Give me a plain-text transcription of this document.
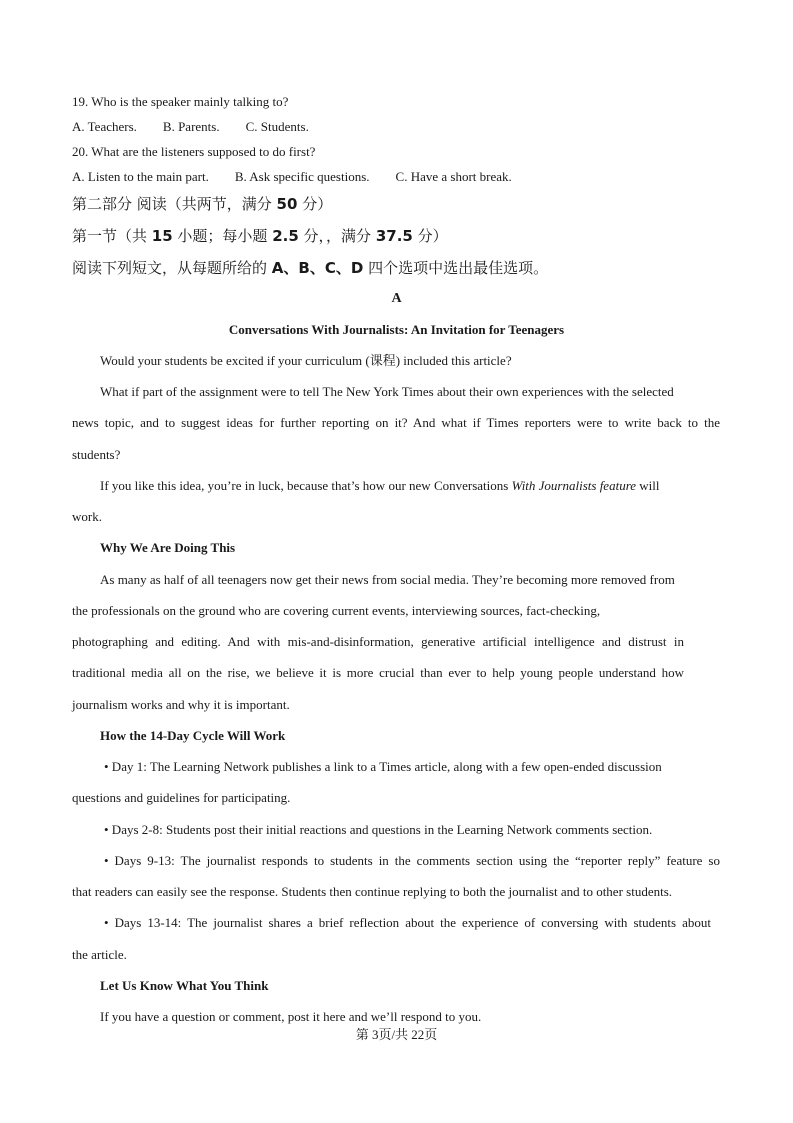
19. Who is the speaker mainly talking to?
A. Teachers. B. Parents. C. Students.
20. What are the listeners supposed to do first?
A. Listen to the main part. B. Ask specific questions. C. Have a short break.
第二部分 阅读（共两节，满分 50 分）
第一节（共 15 小题；每小题 2.5 分，，满分 37.5 分）
阅读下列短文，从每题所给的 A、B、C、D 四个选项中选出最佳选项。
A
Conversations With Journalists: An Invitation for Teenagers
Would your students be excited if your curriculum (课程) included this article?
What if part of the assignment were to tell The New York Times about their own experiences with the selected
news topic, and to suggest ideas for further reporting on it? And what if Times reporters were to write back to the
students?
If you like this idea, you’re in luck, because that’s how our new Conversations With Journalists feature will
work.
Why We Are Doing This
As many as half of all teenagers now get their news from social media. They’re becoming more removed from
the professionals on the ground who are covering current events, interviewing sources, fact-checking,
photographing and editing. And with mis-and-disinformation, generative artificial intelligence and distrust in
traditional media all on the rise, we believe it is more crucial than ever to help young people understand how
journalism works and why it is important.
How the 14-Day Cycle Will Work
• Day 1: The Learning Network publishes a link to a Times article, along with a few open-ended discussion
questions and guidelines for participating.
• Days 2-8: Students post their initial reactions and questions in the Learning Network comments section.
• Days 9-13: The journalist responds to students in the comments section using the “reporter reply” feature so
that readers can easily see the response. Students then continue replying to both the journalist and to other students.
• Days 13-14: The journalist shares a brief reflection about the experience of conversing with students about
the article.
Let Us Know What You Think
If you have a question or comment, post it here and we’ll respond to you.
第 3页/共 22页
